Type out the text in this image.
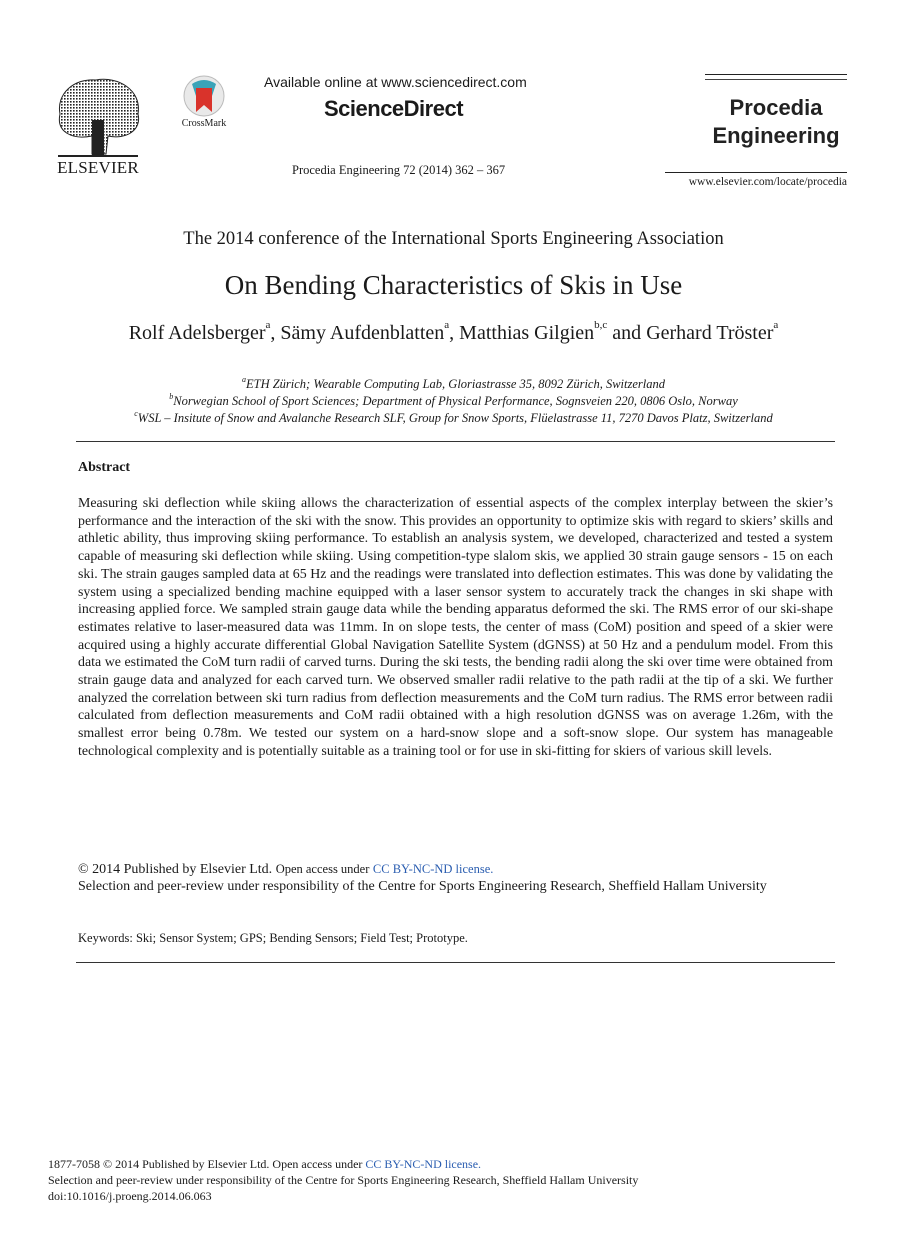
ELSEVIER
CrossMark
Available online at www.sciencedirect.com
ScienceDirect
Procedia Engineering 72 (2014) 362 – 367
Procedia
Engineering
www.elsevier.com/locate/procedia
The 2014 conference of the International Sports Engineering Association
On Bending Characteristics of Skis in Use
Rolf Adelsberger$^a$, Sämy Aufdenblatten$^a$, Matthias Gilgien$^{b,c}$ and Gerhard Tröster$^a$
$^a$ETH Zürich; Wearable Computing Lab, Gloriastrasse 35, 8092 Zürich, Switzerland
$^b$Norwegian School of Sport Sciences; Department of Physical Performance, Sognsveien 220, 0806 Oslo, Norway
$^c$WSL – Insitute of Snow and Avalanche Research SLF, Group for Snow Sports, Flüelastrasse 11, 7270 Davos Platz, Switzerland
Abstract
Measuring ski deflection while skiing allows the characterization of essential aspects of the complex interplay between the skier’s performance and the interaction of the ski with the snow. This provides an opportunity to optimize skis with regard to skiers’ skills and athletic ability, thus improving skiing performance. To establish an analysis system, we developed, characterized and tested a system capable of measuring ski deflection while skiing. Using competition-type slalom skis, we applied 30 strain gauge sensors - 15 on each ski. The strain gauges sampled data at 65 Hz and the readings were translated into deflection estimates. This was done by validating the system using a specialized bending machine equipped with a laser sensor system to accurately track the changes in ski shape with increasing applied force. We sampled strain gauge data while the bending apparatus deformed the ski. The RMS error of our ski-shape estimates relative to laser-measured data was 11mm. In on slope tests, the center of mass (CoM) position and speed of a skier were acquired using a highly accurate differential Global Navigation Satellite System (dGNSS) at 50 Hz and a pendulum model. From this data we estimated the CoM turn radii of carved turns. During the ski tests, the bending radii along the ski over time were obtained from strain gauge data and analyzed for each carved turn. We observed smaller radii relative to the path radii at the tip of a ski. We further analyzed the correlation between ski turn radius from deflection measurements and the CoM turn radius. The RMS error between radii calculated from deflection measurements and CoM radii obtained with a high resolution dGNSS was on average 1.26m, with the smallest error being 0.78m. We tested our system on a hard-snow slope and a soft-snow slope. Our system has manageable technological complexity and is potentially suitable as a training tool or for use in ski-fitting for skiers of various skill levels.
© 2014 Published by Elsevier Ltd. Open access under CC BY-NC-ND license.
Selection and peer-review under responsibility of the Centre for Sports Engineering Research, Sheffield Hallam University
Keywords: Ski; Sensor System; GPS; Bending Sensors; Field Test; Prototype.
1877-7058 © 2014 Published by Elsevier Ltd. Open access under CC BY-NC-ND license.
Selection and peer-review under responsibility of the Centre for Sports Engineering Research, Sheffield Hallam University
doi:10.1016/j.proeng.2014.06.063
